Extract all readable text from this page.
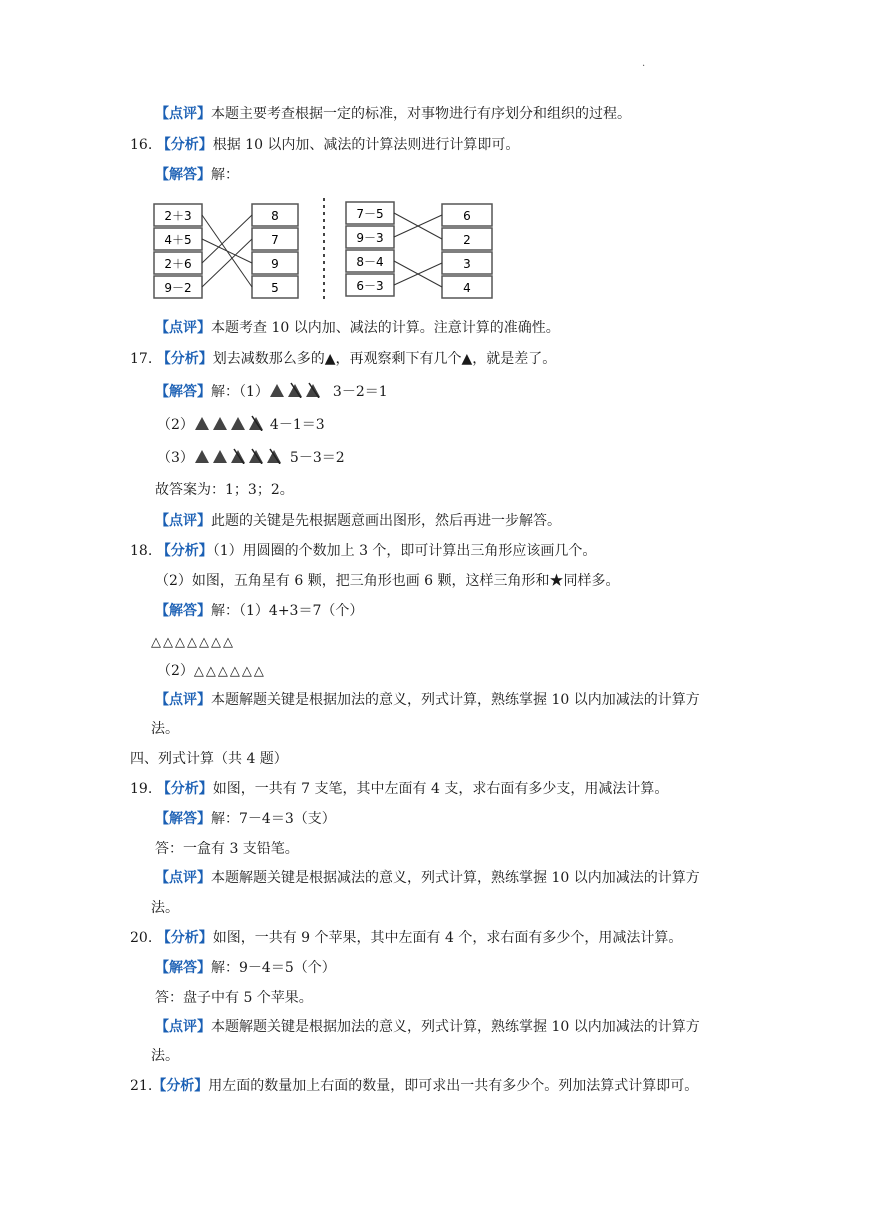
.
【点评】本题主要考查根据一定的标准，对事物进行有序划分和组织的过程。
16. 【分析】根据 10 以内加、减法的计算法则进行计算即可。
【解答】解：
2＋3
4＋5
2＋6
9－2
8
7
9
5
7－5
9－3
8－4
6－3
6
2
3
4
【点评】本题考查 10 以内加、减法的计算。注意计算的准确性。
17. 【分析】划去减数那么多的▲，再观察剩下有几个▲，就是差了。
【解答】解：（1）	3－2＝1
（2）	4－1＝3
（3）	5－3＝2
故答案为：1；3；2。
【点评】此题的关键是先根据题意画出图形，然后再进一步解答。
18. 【分析】（1）用圆圈的个数加上 3 个，即可计算出三角形应该画几个。
（2）如图，五角星有 6 颗，把三角形也画 6 颗，这样三角形和★同样多。
【解答】解：（1）4+3＝7（个）
△△△△△△△
（2）△△△△△△
【点评】本题解题关键是根据加法的意义，列式计算，熟练掌握 10 以内加减法的计算方
法。
四、列式计算（共 4 题）
19. 【分析】如图，一共有 7 支笔，其中左面有 4 支，求右面有多少支，用减法计算。
【解答】解：7－4＝3（支）
答：一盒有 3 支铅笔。
【点评】本题解题关键是根据减法的意义，列式计算，熟练掌握 10 以内加减法的计算方
法。
20. 【分析】如图，一共有 9 个苹果，其中左面有 4 个，求右面有多少个，用减法计算。
【解答】解：9－4＝5（个）
答：盘子中有 5 个苹果。
【点评】本题解题关键是根据加法的意义，列式计算，熟练掌握 10 以内加减法的计算方
法。
21.【分析】用左面的数量加上右面的数量，即可求出一共有多少个。列加法算式计算即可。
